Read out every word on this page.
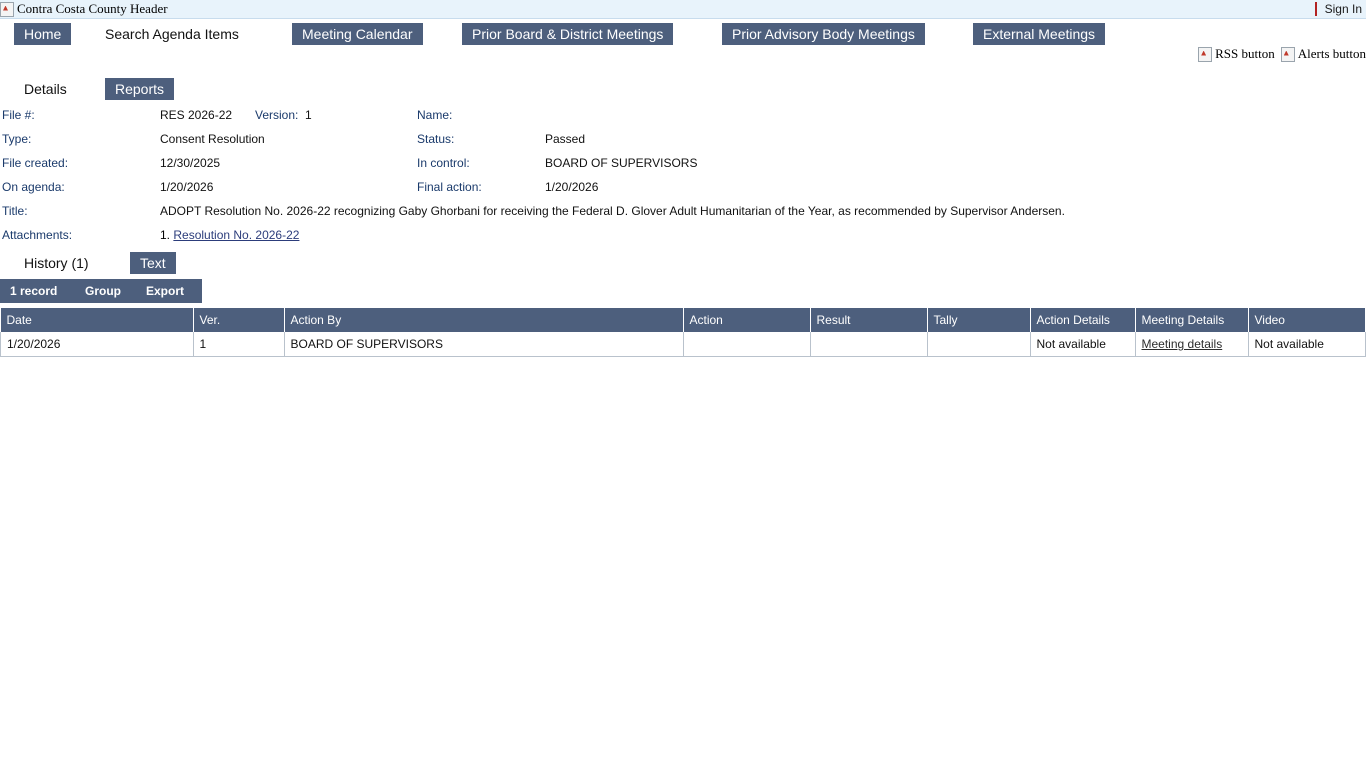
Contra Costa County Header	Sign In
Home	Search Agenda Items	Meeting Calendar	Prior Board & District Meetings	Prior Advisory Body Meetings	External Meetings
RSS button Alerts button
Details	Reports
File #:	RES 2026-22 Version: 1	Name:
Type:	Consent Resolution	Status:	Passed
File created:	12/30/2025	In control:	BOARD OF SUPERVISORS
On agenda:	1/20/2026	Final action:	1/20/2026
Title:	ADOPT Resolution No. 2026-22 recognizing Gaby Ghorbani for receiving the Federal D. Glover Adult Humanitarian of the Year, as recommended by Supervisor Andersen.
Attachments:	1. Resolution No. 2026-22
History (1)	Text
1 record Group Export
Date	Ver.	Action By	Action	Result	Tally	Action Details	Meeting Details	Video
1/20/2026	1	BOARD OF SUPERVISORS				Not available	Meeting details	Not available
